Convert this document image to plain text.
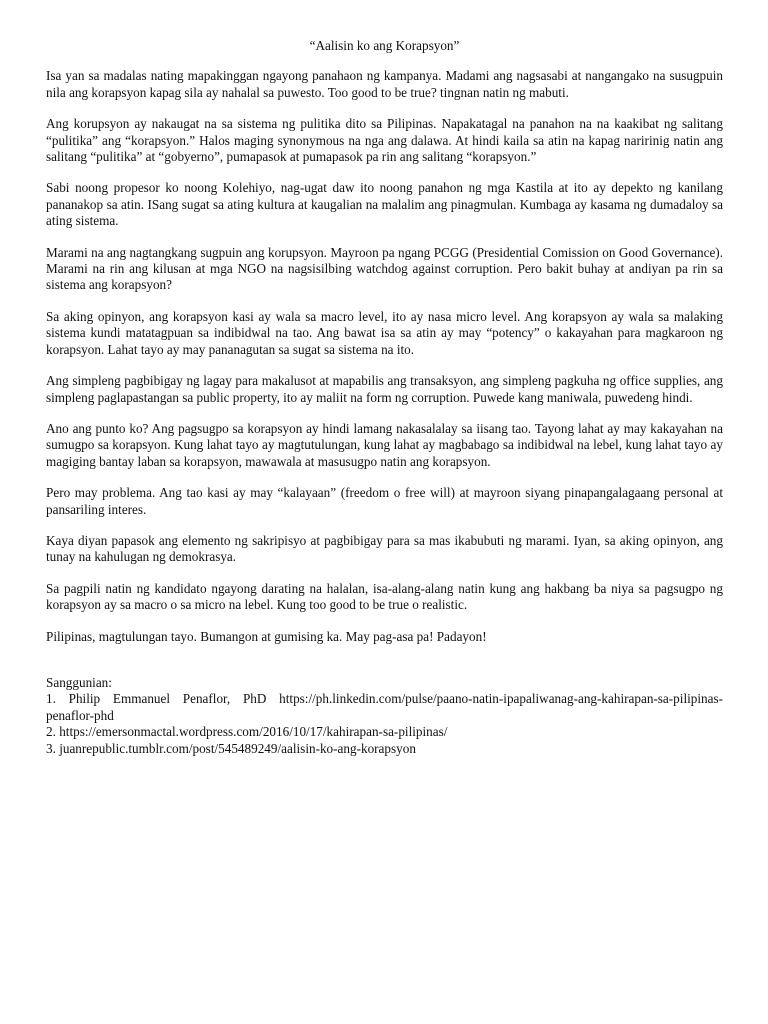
“Aalisin ko ang Korapsyon”

Isa yan sa madalas nating mapakinggan ngayong panahaon ng kampanya. Madami ang nagsasabi at nangangako na susugpuin nila ang korapsyon kapag sila ay nahalal sa puwesto. Too good to be true? tingnan natin ng mabuti.

Ang korupsyon ay nakaugat na sa sistema ng pulitika dito sa Pilipinas. Napakatagal na panahon na na kaakibat ng salitang “pulitika” ang “korapsyon.” Halos maging synonymous na nga ang dalawa. At hindi kaila sa atin na kapag naririnig natin ang salitang “pulitika” at “gobyerno”, pumapasok at pumapasok pa rin ang salitang “korapsyon.”

Sabi noong propesor ko noong Kolehiyo, nag-ugat daw ito noong panahon ng mga Kastila at ito ay depekto ng kanilang pananakop sa atin. ISang sugat sa ating kultura at kaugalian na malalim ang pinagmulan. Kumbaga ay kasama ng dumadaloy sa ating sistema.

Marami na ang nagtangkang sugpuin ang korupsyon. Mayroon pa ngang PCGG (Presidential Comission on Good Governance). Marami na rin ang kilusan at mga NGO na nagsisilbing watchdog against corruption. Pero bakit buhay at andiyan pa rin sa sistema ang korapsyon?

Sa aking opinyon, ang korapsyon kasi ay wala sa macro level, ito ay nasa micro level. Ang korapsyon ay wala sa malaking sistema kundi matatagpuan sa indibidwal na tao. Ang bawat isa sa atin ay may “potency” o kakayahan para magkaroon ng korapsyon. Lahat tayo ay may pananagutan sa sugat sa sistema na ito.

Ang simpleng pagbibigay ng lagay para makalusot at mapabilis ang transaksyon, ang simpleng pagkuha ng office supplies, ang simpleng paglapastangan sa public property, ito ay maliit na form ng corruption. Puwede kang maniwala, puwedeng hindi.

Ano ang punto ko? Ang pagsugpo sa korapsyon ay hindi lamang nakasalalay sa iisang tao. Tayong lahat ay may kakayahan na sumugpo sa korapsyon. Kung lahat tayo ay magtutulungan, kung lahat ay magbabago sa indibidwal na lebel, kung lahat tayo ay magiging bantay laban sa korapsyon, mawawala at masusugpo natin ang korapsyon.

Pero may problema. Ang tao kasi ay may “kalayaan” (freedom o free will) at mayroon siyang pinapangalagaang personal at pansariling interes.

Kaya diyan papasok ang elemento ng sakripisyo at pagbibigay para sa mas ikabubuti ng marami. Iyan, sa aking opinyon, ang tunay na kahulugan ng demokrasya.

Sa pagpili natin ng kandidato ngayong darating na halalan, isa-alang-alang natin kung ang hakbang ba niya sa pagsugpo ng korapsyon ay sa macro o sa micro na lebel. Kung too good to be true o realistic.

Pilipinas, magtulungan tayo. Bumangon at gumising ka. May pag-asa pa! Padayon!

Sanggunian:

1. Philip Emmanuel Penaflor, PhD https://ph.linkedin.com/pulse/paano-natin-ipapaliwanag-ang-kahirapan-sa-pilipinas-penaflor-phd

2. https://emersonmactal.wordpress.com/2016/10/17/kahirapan-sa-pilipinas/

3. juanrepublic.tumblr.com/post/545489249/aalisin-ko-ang-korapsyon
